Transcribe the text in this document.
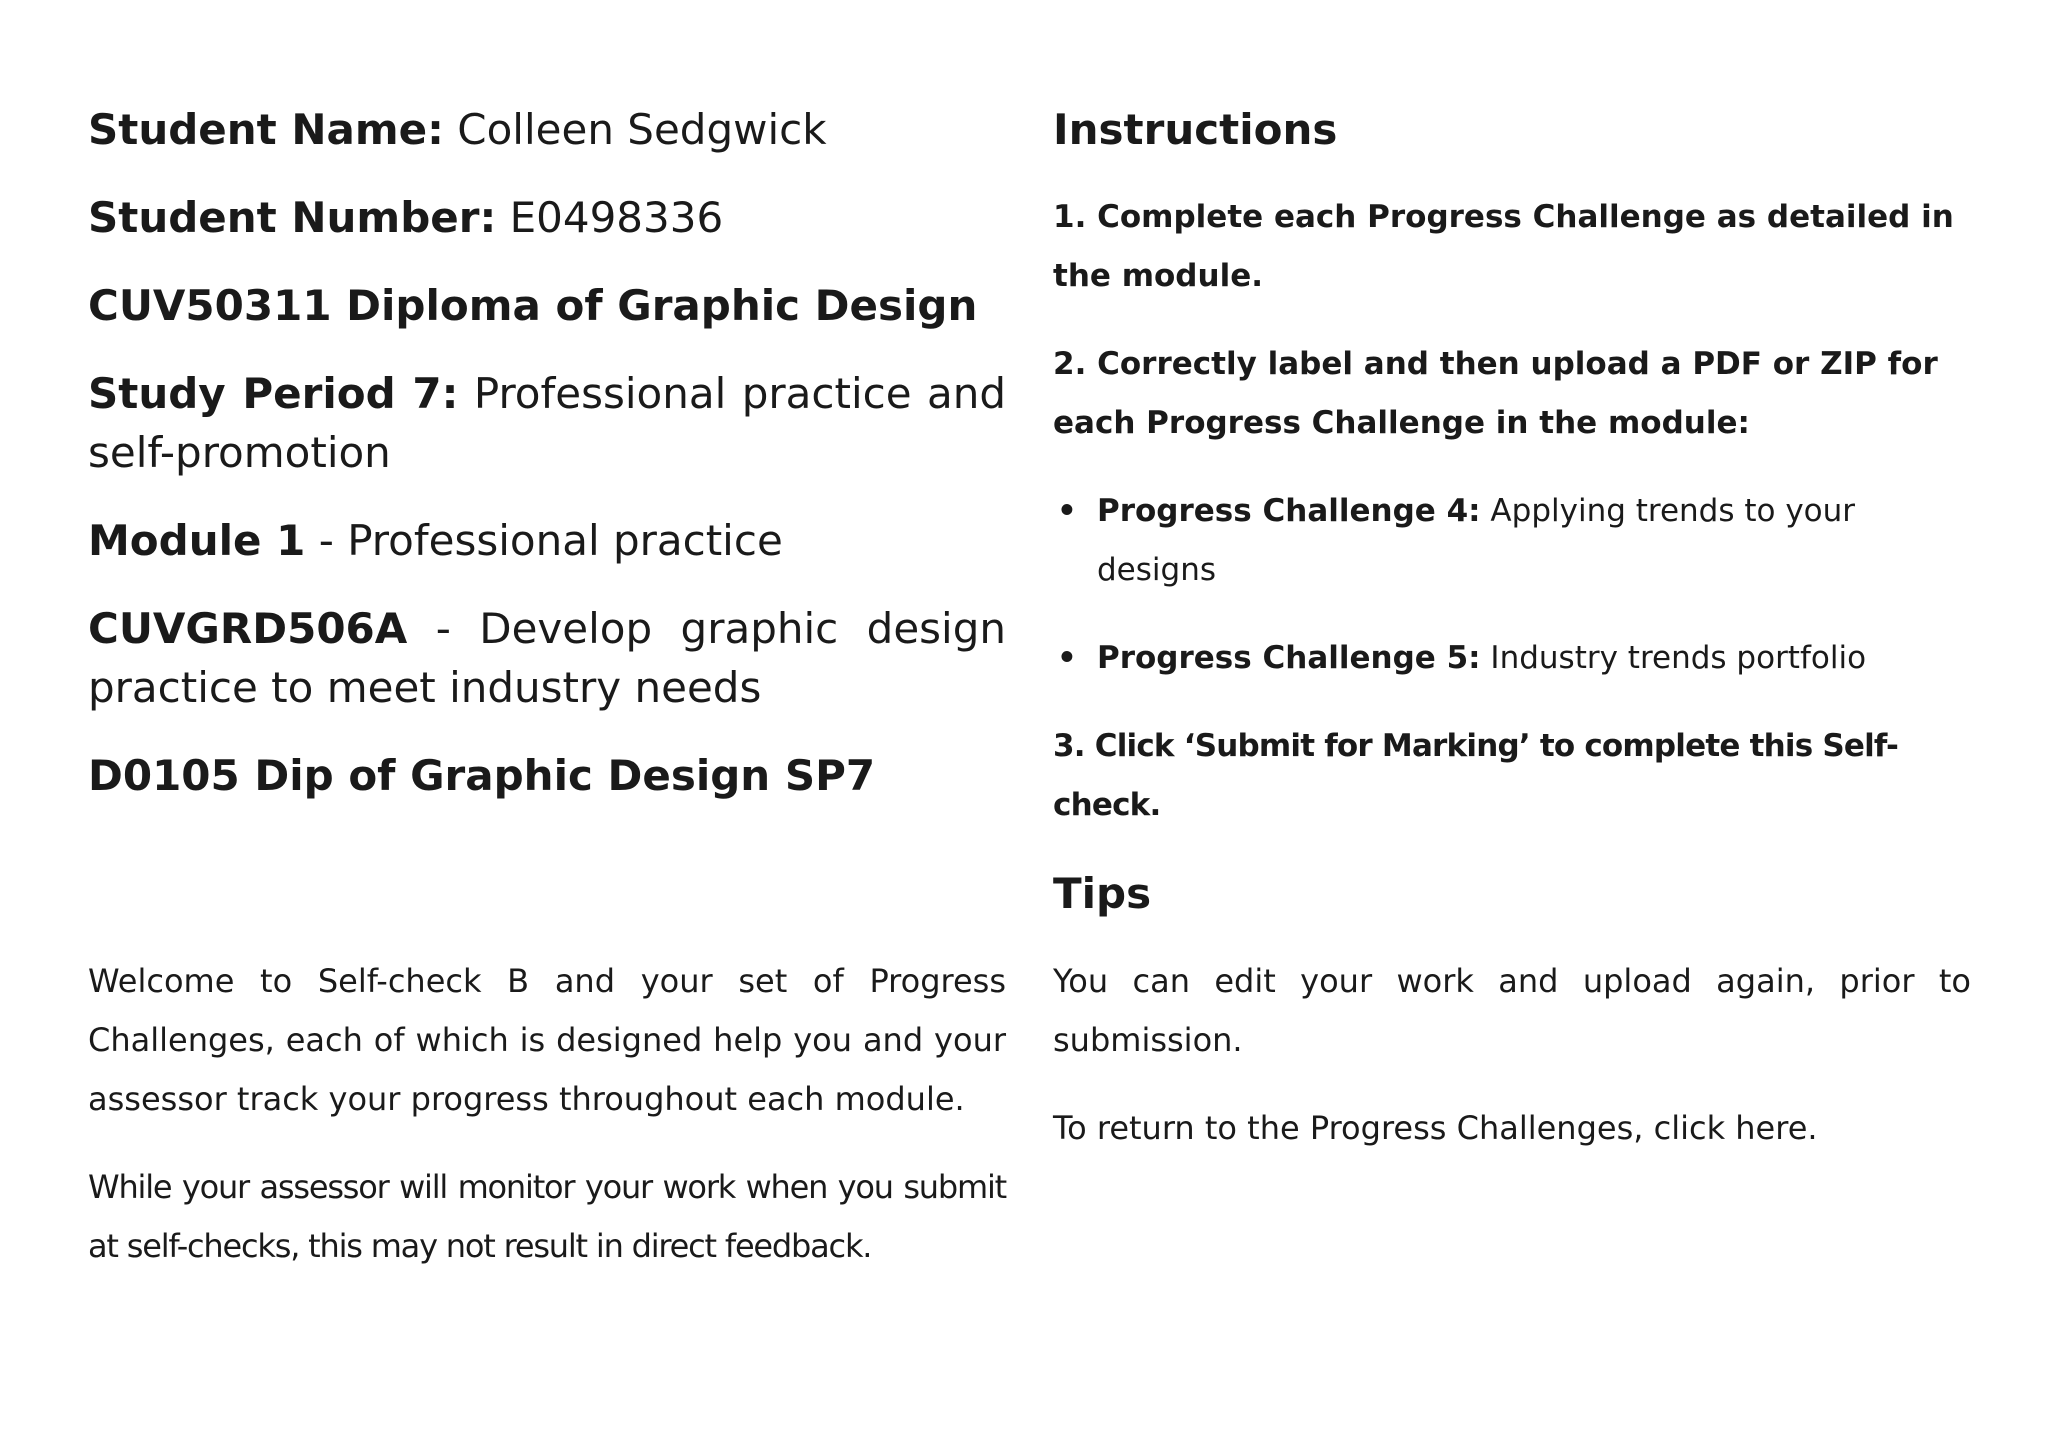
Student Name: Colleen Sedgwick

Student Number: E0498336

CUV50311 Diploma of Graphic Design

Study Period 7: Professional practice and self-promotion

Module 1 - Professional practice

CUVGRD506A - Develop graphic design practice to meet industry needs

D0105 Dip of Graphic Design SP7

Welcome to Self-check B and your set of Progress Challenges, each of which is designed help you and your assessor track your progress throughout each module.

While your assessor will monitor your work when you submit at self-checks, this may not result in direct feedback.

Instructions

1. Complete each Progress Challenge as detailed in the module.

2. Correctly label and then upload a PDF or ZIP for each Progress Challenge in the module:

• Progress Challenge 4: Applying trends to your designs
• Progress Challenge 5: Industry trends portfolio

3. Click ‘Submit for Marking’ to complete this Self-check.

Tips

You can edit your work and upload again, prior to submission.

To return to the Progress Challenges, click here.
